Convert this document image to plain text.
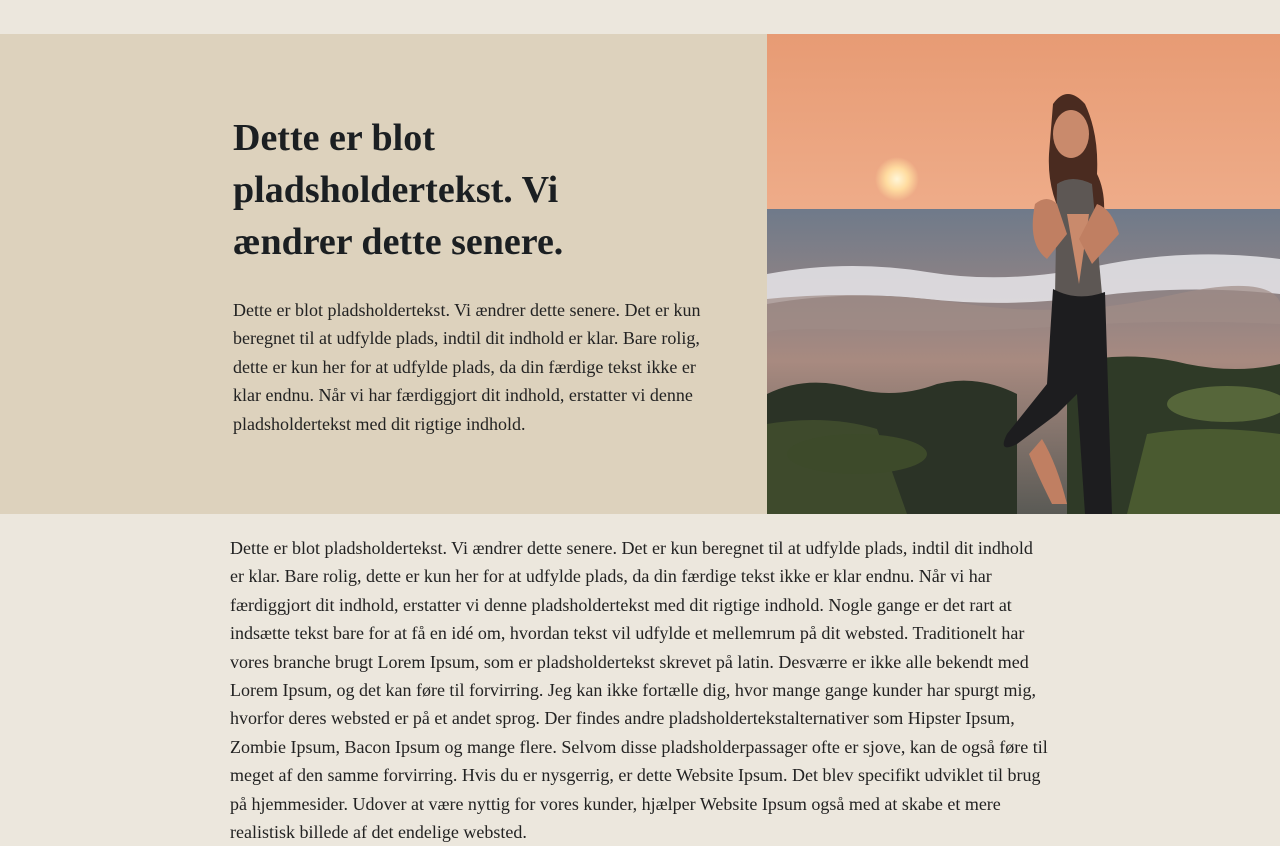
Dette er blot pladsholdertekst. Vi ændrer dette senere.

Dette er blot pladsholdertekst. Vi ændrer dette senere. Det er kun beregnet til at udfylde plads, indtil dit indhold er klar. Bare rolig, dette er kun her for at udfylde plads, da din færdige tekst ikke er klar endnu. Når vi har færdiggjort dit indhold, erstatter vi denne pladsholdertekst med dit rigtige indhold.

Dette er blot pladsholdertekst. Vi ændrer dette senere. Det er kun beregnet til at udfylde plads, indtil dit indhold er klar. Bare rolig, dette er kun her for at udfylde plads, da din færdige tekst ikke er klar endnu. Når vi har færdiggjort dit indhold, erstatter vi denne pladsholdertekst med dit rigtige indhold. Nogle gange er det rart at indsætte tekst bare for at få en idé om, hvordan tekst vil udfylde et mellemrum på dit websted. Traditionelt har vores branche brugt Lorem Ipsum, som er pladsholdertekst skrevet på latin. Desværre er ikke alle bekendt med Lorem Ipsum, og det kan føre til forvirring. Jeg kan ikke fortælle dig, hvor mange gange kunder har spurgt mig, hvorfor deres websted er på et andet sprog. Der findes andre pladsholdertekstalternativer som Hipster Ipsum, Zombie Ipsum, Bacon Ipsum og mange flere. Selvom disse pladsholderpassager ofte er sjove, kan de også føre til meget af den samme forvirring. Hvis du er nysgerrig, er dette Website Ipsum. Det blev specifikt udviklet til brug på hjemmesider. Udover at være nyttig for vores kunder, hjælper Website Ipsum også med at skabe et mere realistisk billede af det endelige websted.
